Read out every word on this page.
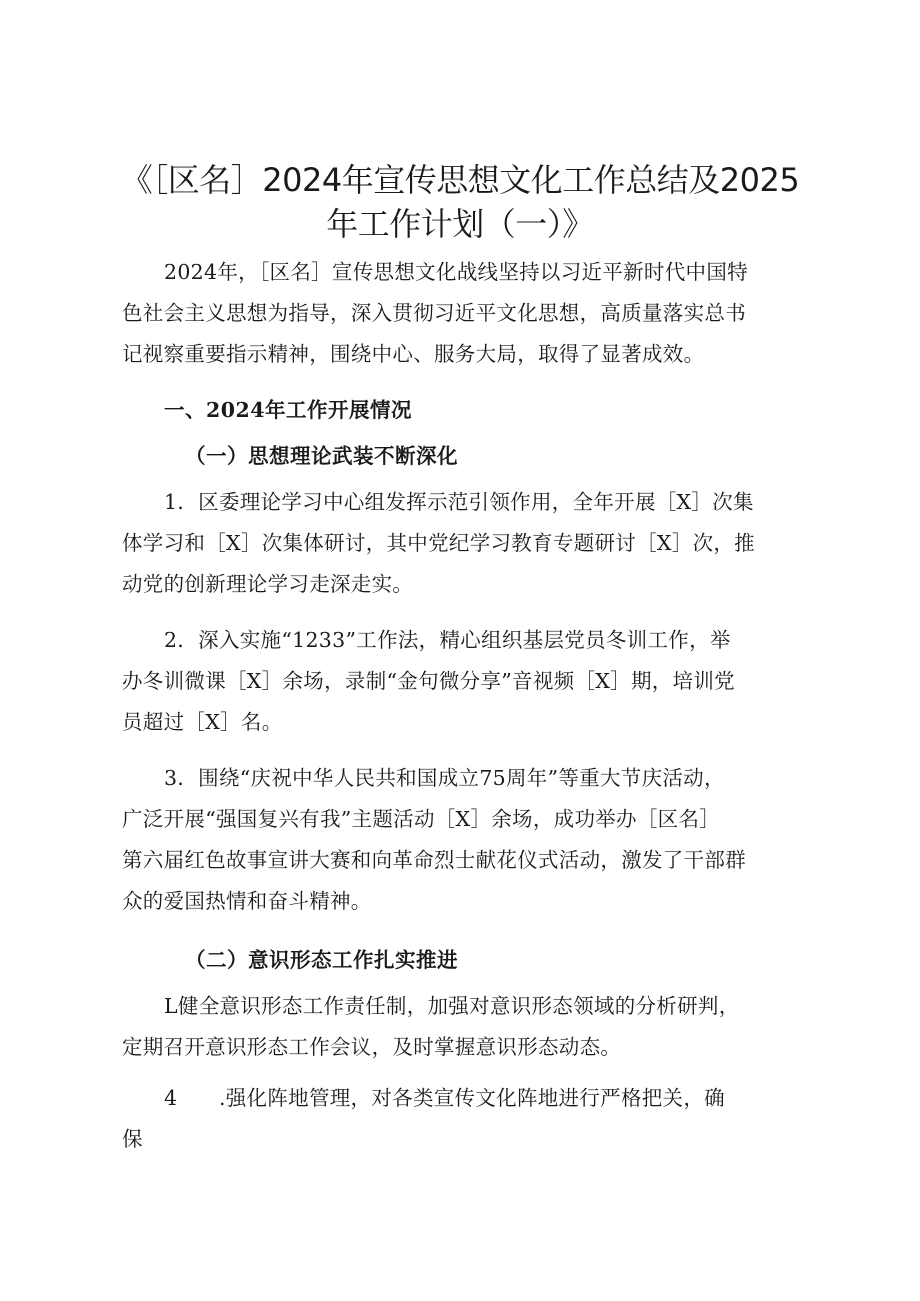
《［区名］2024年宣传思想文化工作总结及2025
年工作计划（一）》

2024年，［区名］宣传思想文化战线坚持以习近平新时代中国特
色社会主义思想为指导，深入贯彻习近平文化思想，高质量落实总书
记视察重要指示精神，围绕中心、服务大局，取得了显著成效。

一、2024年工作开展情况
（一）思想理论武装不断深化

1．区委理论学习中心组发挥示范引领作用，全年开展［X］次集
体学习和［X］次集体研讨，其中党纪学习教育专题研讨［X］次，推
动党的创新理论学习走深走实。

2．深入实施“1233”工作法，精心组织基层党员冬训工作，举
办冬训微课［X］余场，录制“金句微分享”音视频［X］期，培训党
员超过［X］名。

3．围绕“庆祝中华人民共和国成立75周年”等重大节庆活动，
广泛开展“强国复兴有我”主题活动［X］余场，成功举办［区名］
第六届红色故事宣讲大赛和向革命烈士献花仪式活动，激发了干部群
众的爱国热情和奋斗精神。

（二）意识形态工作扎实推进

L健全意识形态工作责任制，加强对意识形态领域的分析研判，
定期召开意识形态工作会议，及时掌握意识形态动态。

4　　.强化阵地管理，对各类宣传文化阵地进行严格把关，确
保
